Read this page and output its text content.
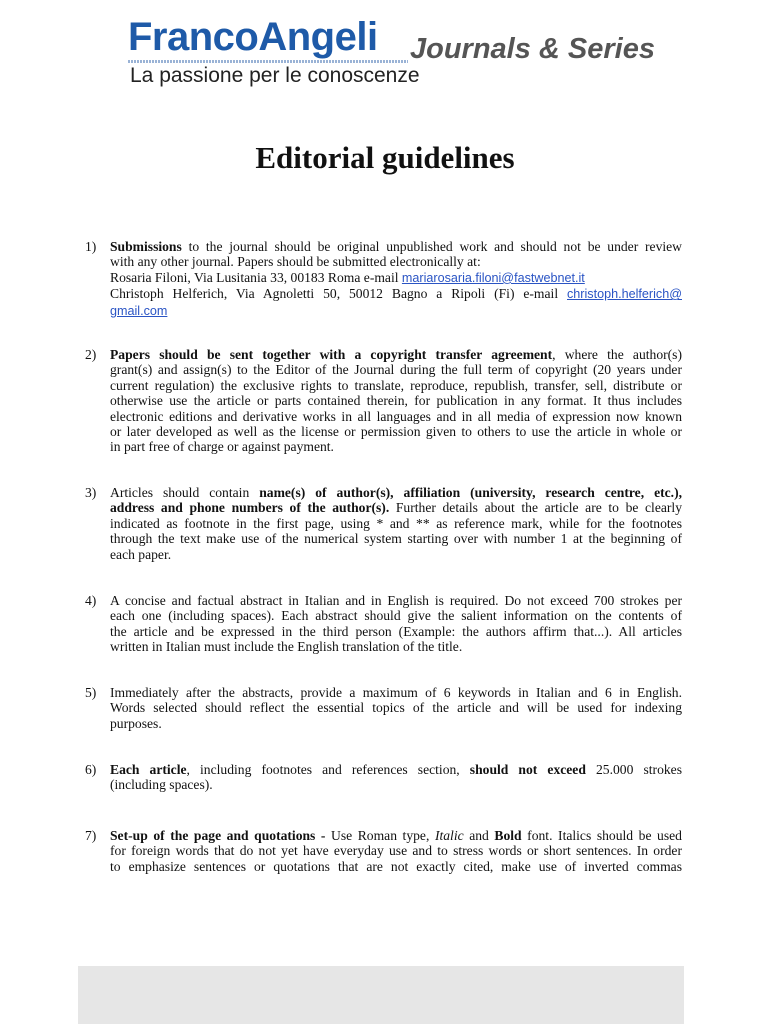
FrancoAngeli Journals & Series
La passione per le conoscenze
Editorial guidelines
1) Submissions to the journal should be original unpublished work and should not be under review
with any other journal. Papers should be submitted electronically at:
Rosaria Filoni, Via Lusitania 33, 00183 Roma e-mail mariarosaria.filoni@fastwebnet.it
Christoph Helferich, Via Agnoletti 50, 50012 Bagno a Ripoli (Fi) e-mail christoph.helferich@
gmail.com
2) Papers should be sent together with a copyright transfer agreement, where the author(s)
grant(s) and assign(s) to the Editor of the Journal during the full term of copyright (20 years under
current regulation) the exclusive rights to translate, reproduce, republish, transfer, sell, distribute or
otherwise use the article or parts contained therein, for publication in any format. It thus includes
electronic editions and derivative works in all languages and in all media of expression now known
or later developed as well as the license or permission given to others to use the article in whole or
in part free of charge or against payment.
3) Articles should contain name(s) of author(s), affiliation (university, research centre, etc.),
address and phone numbers of the author(s). Further details about the article are to be clearly
indicated as footnote in the first page, using * and ** as reference mark, while for the footnotes
through the text make use of the numerical system starting over with number 1 at the beginning of
each paper.
4) A concise and factual abstract in Italian and in English is required. Do not exceed 700 strokes per
each one (including spaces). Each abstract should give the salient information on the contents of
the article and be expressed in the third person (Example: the authors affirm that...). All articles
written in Italian must include the English translation of the title.
5) Immediately after the abstracts, provide a maximum of 6 keywords in Italian and 6 in English.
Words selected should reflect the essential topics of the article and will be used for indexing
purposes.
6) Each article, including footnotes and references section, should not exceed 25.000 strokes
(including spaces).
7) Set-up of the page and quotations - Use Roman type, Italic and Bold font. Italics should be used
for foreign words that do not yet have everyday use and to stress words or short sentences. In order
to emphasize sentences or quotations that are not exactly cited, make use of inverted commas
